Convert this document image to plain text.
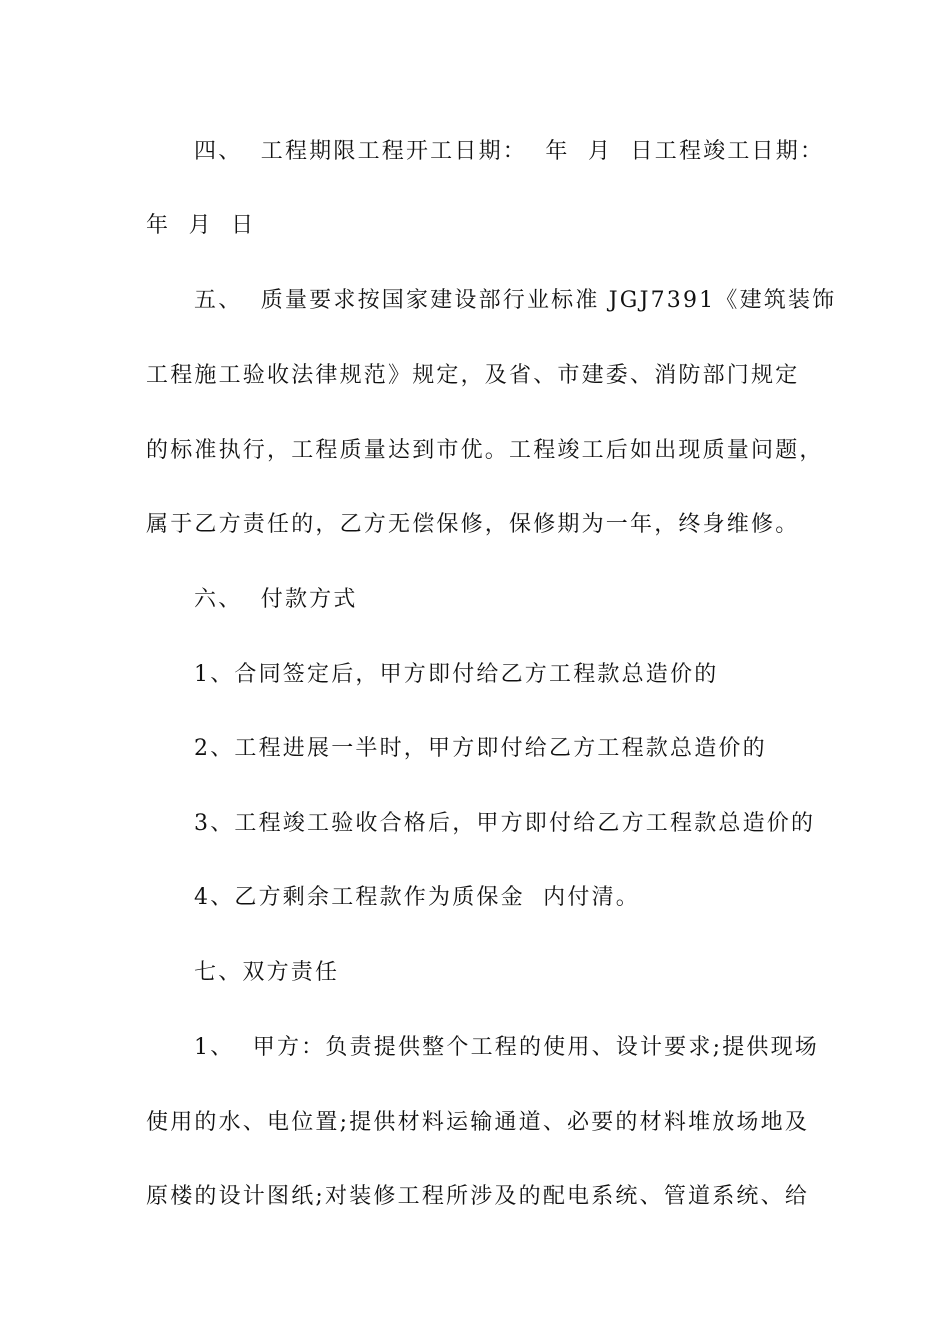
四、  工程期限工程开工日期：  年  月  日工程竣工日期：
年  月  日
五、  质量要求按国家建设部行业标准 JGJ7391《建筑装饰
工程施工验收法律规范》规定，及省、市建委、消防部门规定
的标准执行，工程质量达到市优。工程竣工后如出现质量问题，
属于乙方责任的，乙方无偿保修，保修期为一年，终身维修。
六、  付款方式
1、合同签定后，甲方即付给乙方工程款总造价的
2、工程进展一半时，甲方即付给乙方工程款总造价的
3、工程竣工验收合格后，甲方即付给乙方工程款总造价的
4、乙方剩余工程款作为质保金  内付清。
七、双方责任
1、  甲方：负责提供整个工程的使用、设计要求;提供现场
使用的水、电位置;提供材料运输通道、必要的材料堆放场地及
原楼的设计图纸;对装修工程所涉及的配电系统、管道系统、给
